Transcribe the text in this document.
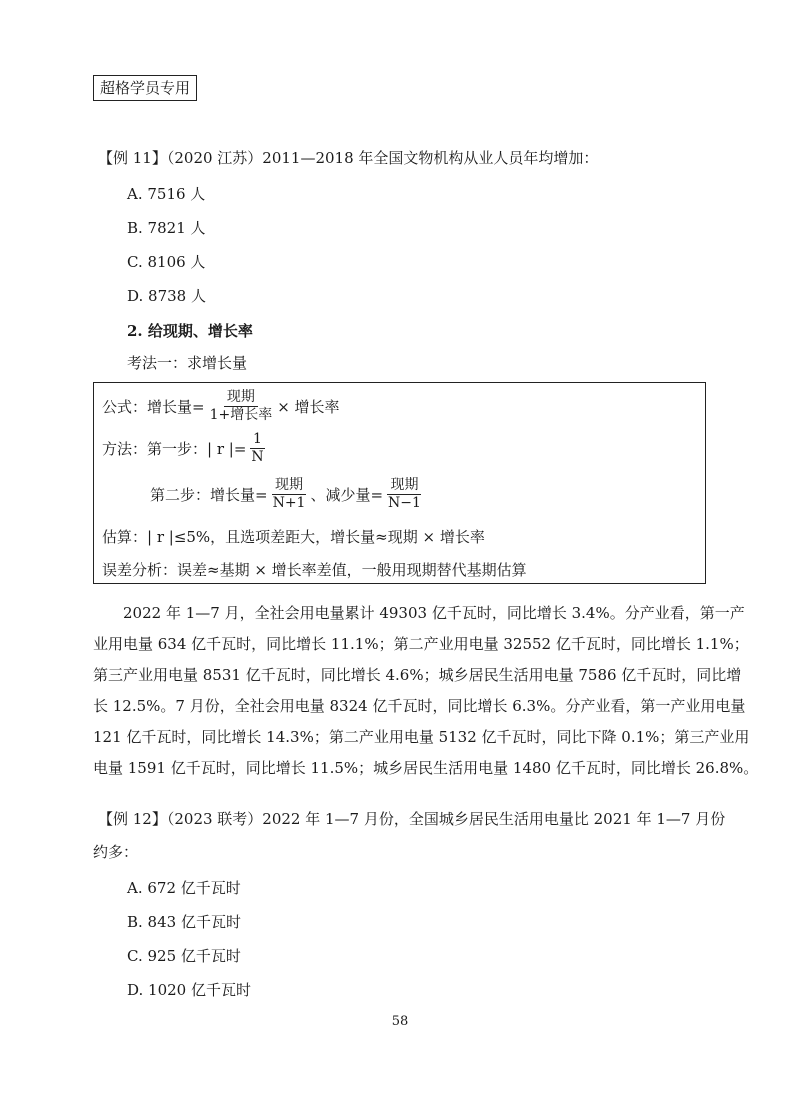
超格学员专用
【例 11】（2020 江苏）2011—2018 年全国文物机构从业人员年均增加：
A. 7516 人
B. 7821 人
C. 8106 人
D. 8738 人
2. 给现期、增长率
考法一：求增长量
公式：增长量= $\frac{\text{现期}}{\text{1+增长率}}$ × 增长率
方法：第一步：| r |= $\frac{1}{N}$
第二步：增长量= $\frac{\text{现期}}{N+1}$ 、减少量= $\frac{\text{现期}}{N-1}$
估算：| r |≤5%，且选项差距大，增长量≈现期 × 增长率
误差分析：误差≈基期 × 增长率差值，一般用现期替代基期估算
　　2022 年 1—7 月，全社会用电量累计 49303 亿千瓦时，同比增长 3.4%。分产业看，第一产
业用电量 634 亿千瓦时，同比增长 11.1%；第二产业用电量 32552 亿千瓦时，同比增长 1.1%；
第三产业用电量 8531 亿千瓦时，同比增长 4.6%；城乡居民生活用电量 7586 亿千瓦时，同比增
长 12.5%。7 月份，全社会用电量 8324 亿千瓦时，同比增长 6.3%。分产业看，第一产业用电量
121 亿千瓦时，同比增长 14.3%；第二产业用电量 5132 亿千瓦时，同比下降 0.1%；第三产业用
电量 1591 亿千瓦时，同比增长 11.5%；城乡居民生活用电量 1480 亿千瓦时，同比增长 26.8%。
【例 12】（2023 联考）2022 年 1—7 月份，全国城乡居民生活用电量比 2021 年 1—7 月份
约多：
A. 672 亿千瓦时
B. 843 亿千瓦时
C. 925 亿千瓦时
D. 1020 亿千瓦时
58
